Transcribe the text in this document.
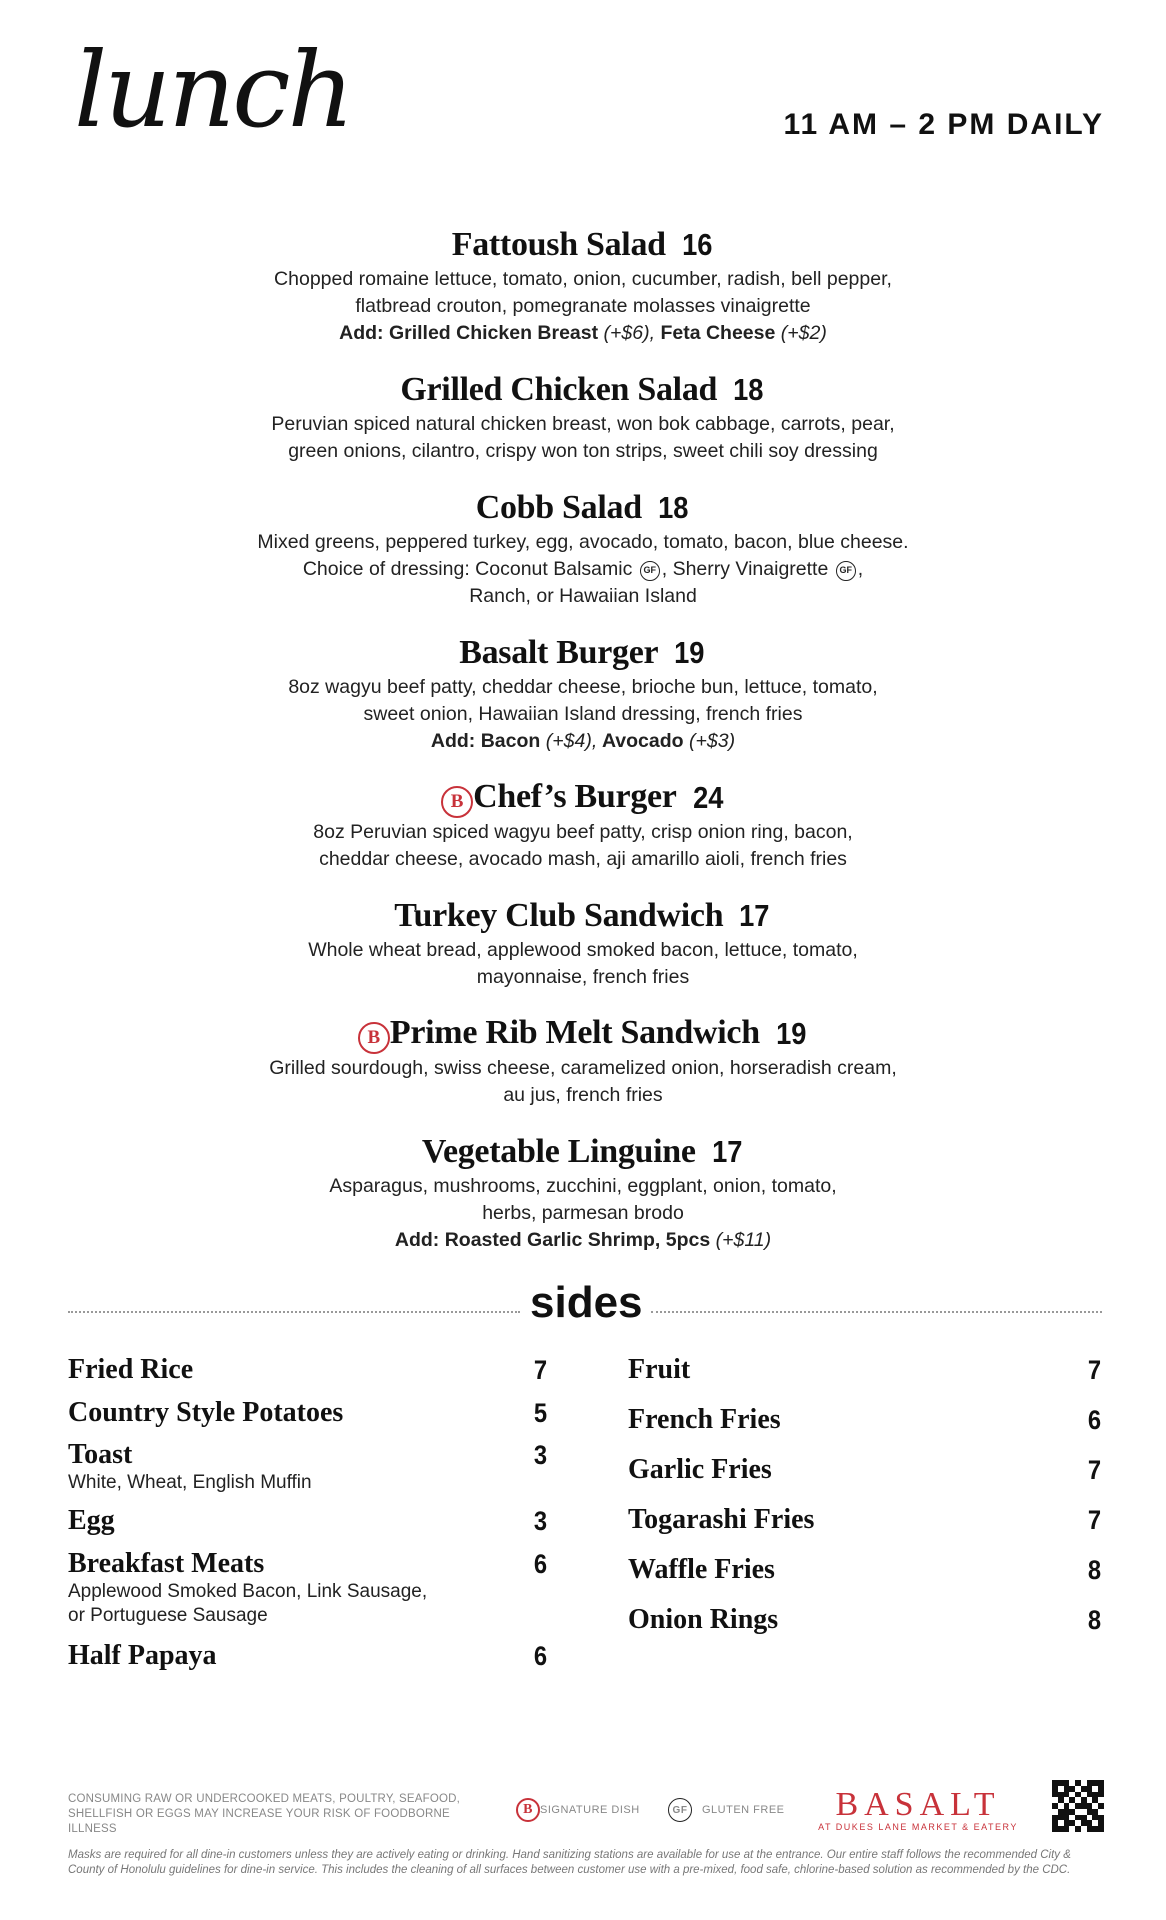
lunch	11 AM – 2 PM DAILY
Fattoush Salad 16
Chopped romaine lettuce, tomato, onion, cucumber, radish, bell pepper,
flatbread crouton, pomegranate molasses vinaigrette
Add: Grilled Chicken Breast (+$6), Feta Cheese (+$2)
Grilled Chicken Salad 18
Peruvian spiced natural chicken breast, won bok cabbage, carrots, pear,
green onions, cilantro, crispy won ton strips, sweet chili soy dressing
Cobb Salad 18
Mixed greens, peppered turkey, egg, avocado, tomato, bacon, blue cheese.
Choice of dressing: Coconut Balsamic GF , Sherry Vinaigrette GF ,
Ranch, or Hawaiian Island
Basalt Burger 19
8oz wagyu beef patty, cheddar cheese, brioche bun, lettuce, tomato,
sweet onion, Hawaiian Island dressing, french fries
Add: Bacon (+$4), Avocado (+$3)
B Chef’s Burger 24
8oz Peruvian spiced wagyu beef patty, crisp onion ring, bacon,
cheddar cheese, avocado mash, aji amarillo aioli, french fries
Turkey Club Sandwich 17
Whole wheat bread, applewood smoked bacon, lettuce, tomato,
mayonnaise, french fries
B Prime Rib Melt Sandwich 19
Grilled sourdough, swiss cheese, caramelized onion, horseradish cream,
au jus, french fries
Vegetable Linguine 17
Asparagus, mushrooms, zucchini, eggplant, onion, tomato,
herbs, parmesan brodo
Add: Roasted Garlic Shrimp, 5pcs (+$11)
sides
Fried Rice	7
Country Style Potatoes	5
Toast	3
White, Wheat, English Muffin
Egg	3
Breakfast Meats	6
Applewood Smoked Bacon, Link Sausage,
or Portuguese Sausage
Half Papaya	6
Fruit	7
French Fries	6
Garlic Fries	7
Togarashi Fries	7
Waffle Fries	8
Onion Rings	8
CONSUMING RAW OR UNDERCOOKED MEATS, POULTRY, SEAFOOD,
SHELLFISH OR EGGS MAY INCREASE YOUR RISK OF FOODBORNE ILLNESS
B SIGNATURE DISH	GF	GLUTEN FREE	BASALT
AT DUKES LANE MARKET & EATERY
Masks are required for all dine-in customers unless they are actively eating or drinking. Hand sanitizing stations are available for use at the entrance. Our entire staff follows the recommended City & County of Honolulu guidelines for dine-in service. This includes the cleaning of all surfaces between customer use with a pre-mixed, food safe, chlorine-based solution as recommended by the CDC.
